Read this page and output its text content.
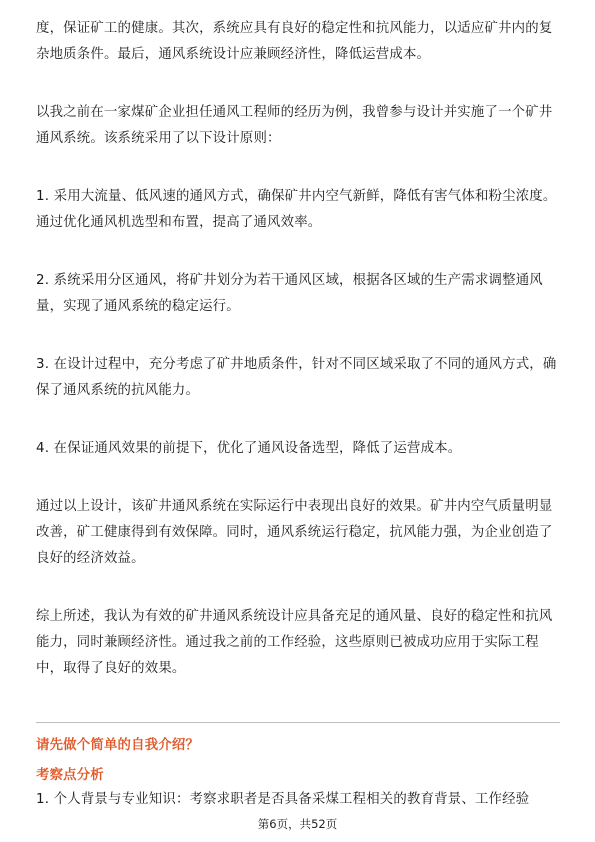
度，保证矿工的健康。其次，系统应具有良好的稳定性和抗风能力，以适应矿井内的复杂地质条件。最后，通风系统设计应兼顾经济性，降低运营成本。

以我之前在一家煤矿企业担任通风工程师的经历为例，我曾参与设计并实施了一个矿井通风系统。该系统采用了以下设计原则：

1. 采用大流量、低风速的通风方式，确保矿井内空气新鲜，降低有害气体和粉尘浓度。通过优化通风机选型和布置，提高了通风效率。

2. 系统采用分区通风，将矿井划分为若干通风区域，根据各区域的生产需求调整通风量，实现了通风系统的稳定运行。

3. 在设计过程中，充分考虑了矿井地质条件，针对不同区域采取了不同的通风方式，确保了通风系统的抗风能力。

4. 在保证通风效果的前提下，优化了通风设备选型，降低了运营成本。

通过以上设计，该矿井通风系统在实际运行中表现出良好的效果。矿井内空气质量明显改善，矿工健康得到有效保障。同时，通风系统运行稳定，抗风能力强，为企业创造了良好的经济效益。

综上所述，我认为有效的矿井通风系统设计应具备充足的通风量、良好的稳定性和抗风能力，同时兼顾经济性。通过我之前的工作经验，这些原则已被成功应用于实际工程中，取得了良好的效果。

请先做个简单的自我介绍？
考察点分析
1. 个人背景与专业知识：考察求职者是否具备采煤工程相关的教育背景、工作经验
第6页，共52页
